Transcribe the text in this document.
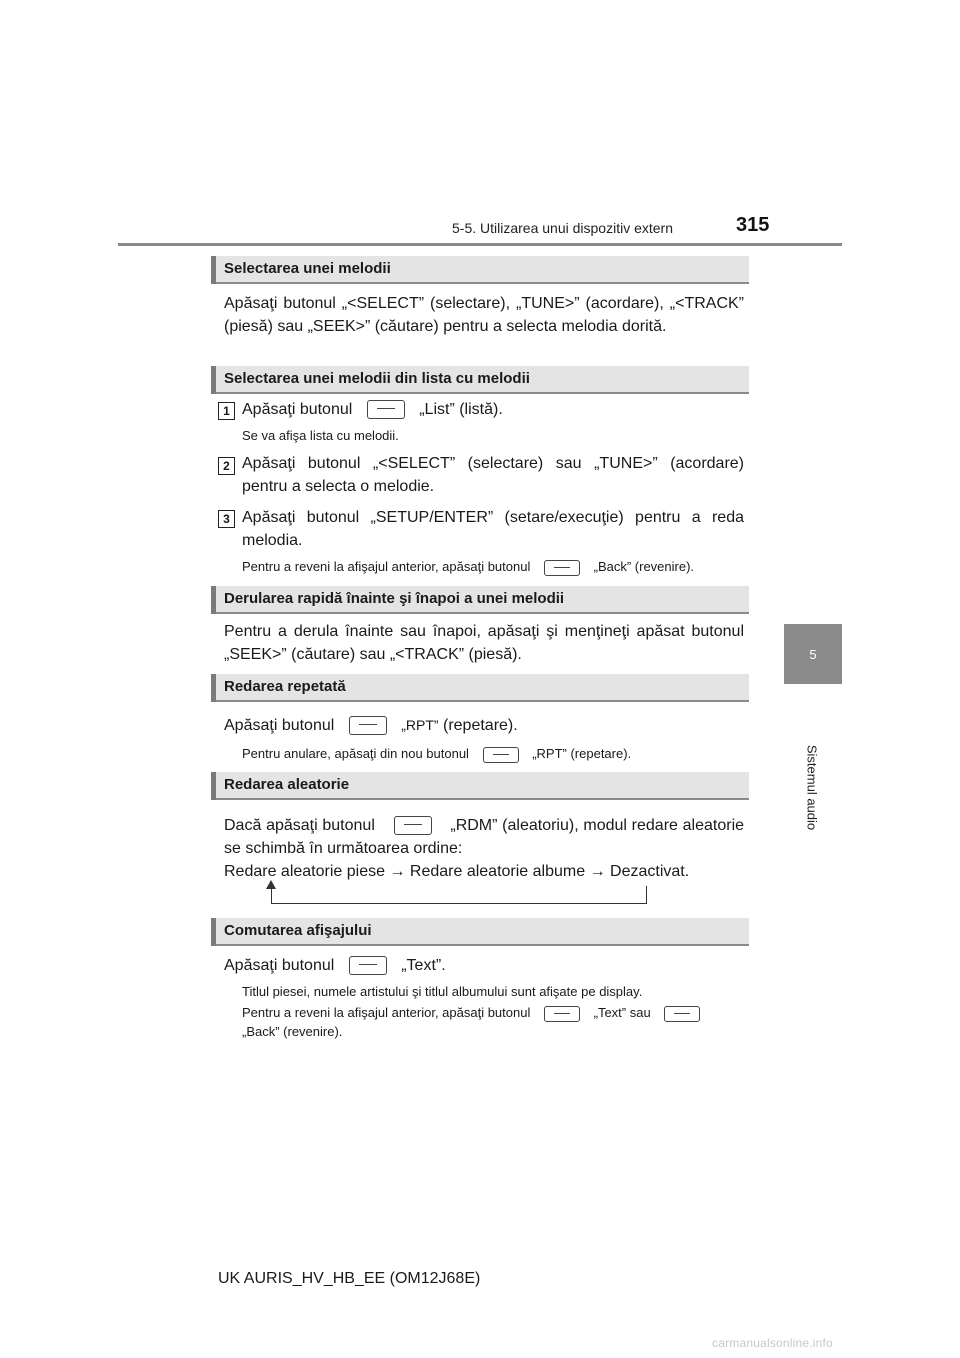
5-5. Utilizarea unui dispozitiv extern	315
5
Sistemul audio
Selectarea unei melodii
Apăsaţi butonul „<SELECT” (selectare), „TUNE>” (acordare), „<TRACK” (piesă) sau „SEEK>” (căutare) pentru a selecta melodia dorită.
Selectarea unei melodii din lista cu melodii
1 Apăsaţi butonul	„List” (listă).
Se va afişa lista cu melodii.
2 Apăsaţi butonul „<SELECT” (selectare) sau „TUNE>” (acordare) pentru a selecta o melodie.
3 Apăsaţi butonul „SETUP/ENTER” (setare/execuţie) pentru a reda melodia.
Pentru a reveni la afişajul anterior, apăsaţi butonul	„Back” (revenire).
Derularea rapidă înainte şi înapoi a unei melodii
Pentru a derula înainte sau înapoi, apăsaţi şi menţineţi apăsat butonul „SEEK>” (căutare) sau „<TRACK” (piesă).
Redarea repetată
Apăsaţi butonul	„RPT” (repetare).
Pentru anulare, apăsaţi din nou butonul	„RPT” (repetare).
Redarea aleatorie
Dacă apăsaţi butonul	„RDM” (aleatoriu), modul redare aleatorie se schimbă în următoarea ordine:
Redare aleatorie piese → Redare aleatorie albume → Dezactivat.
Comutarea afişajului
Apăsaţi butonul	„Text”.
Titlul piesei, numele artistului şi titlul albumului sunt afişate pe display.
Pentru a reveni la afişajul anterior, apăsaţi butonul	„Text” sau
„Back” (revenire).
UK AURIS_HV_HB_EE (OM12J68E)
carmanualsonline.info
